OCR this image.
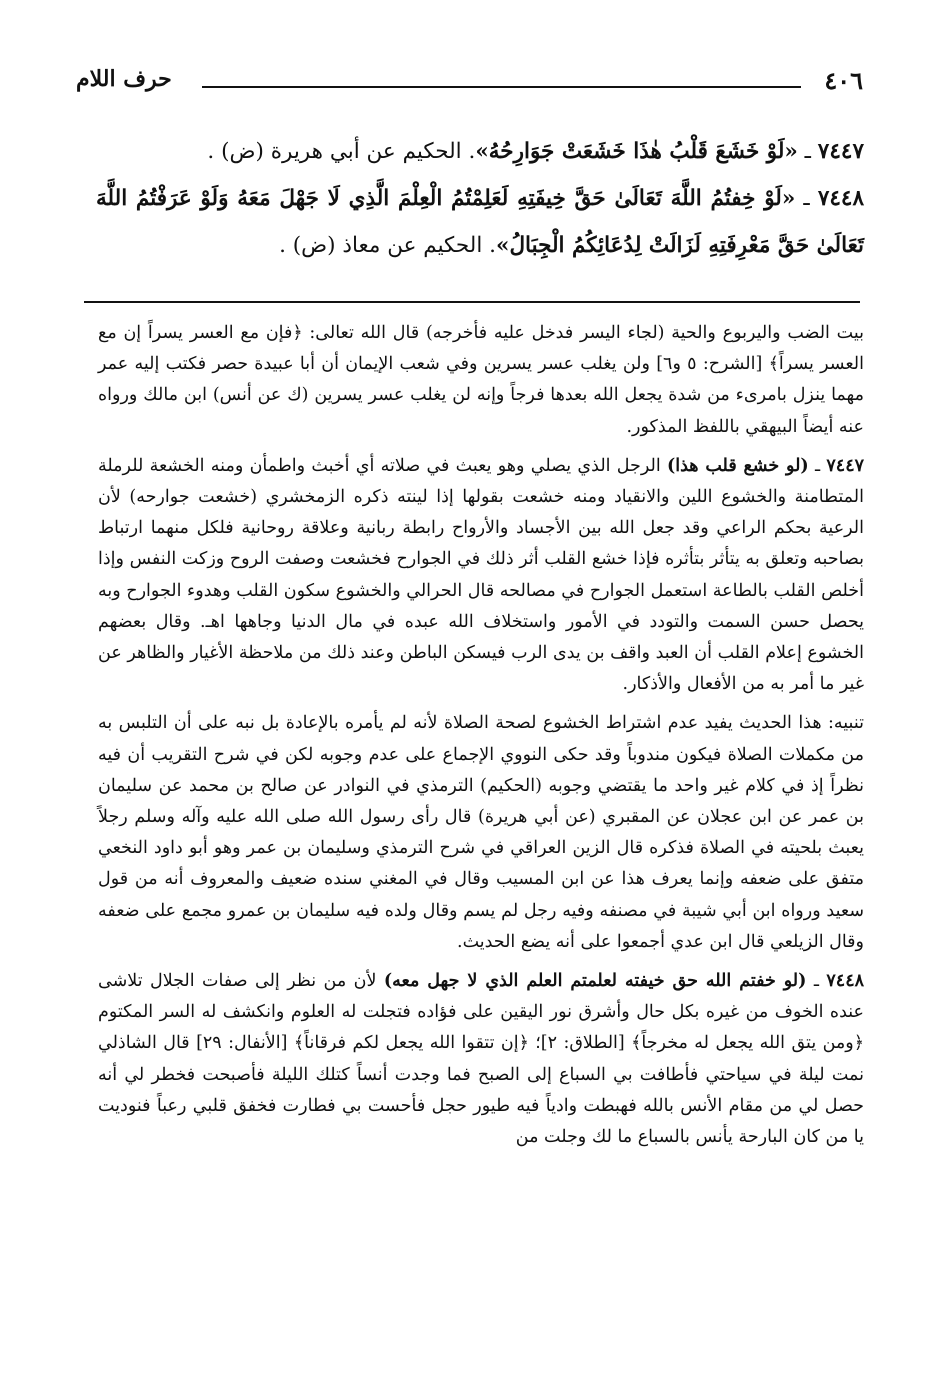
٤٠٦
حرف اللام

٧٤٤٧ ـ «لَوْ خَشَعَ قَلْبُ هٰذَا خَشَعَتْ جَوَارِحُهُ». الحكيم عن أبي هريرة (ض) .

٧٤٤٨ ـ «لَوْ خِفتُمُ اللَّهَ تَعَالَىٰ حَقَّ خِيفَتِهِ لَعَلِمْتُمُ الْعِلْمَ الَّذِي لَا جَهْلَ مَعَهُ وَلَوْ عَرَفْتُمُ اللَّهَ تَعَالَىٰ حَقَّ مَعْرِفَتِهِ لَزَالَتْ لِدُعَائِكُمُ الْجِبَالُ». الحكيم عن معاذ (ض) .

بيت الضب واليربوع والحية (لجاء اليسر فدخل عليه فأخرجه) قال الله تعالى: ﴿فإن مع العسر يسراً إن مع العسر يسراً﴾ [الشرح: ٥ و٦] ولن يغلب عسر يسرين وفي شعب الإيمان أن أبا عبيدة حصر فكتب إليه عمر مهما ينزل بامرىء من شدة يجعل الله بعدها فرجاً وإنه لن يغلب عسر يسرين (ك عن أنس) ابن مالك ورواه عنه أيضاً البيهقي باللفظ المذكور.

٧٤٤٧ ـ (لو خشع قلب هذا) الرجل الذي يصلي وهو يعبث في صلاته أي أخبث واطمأن ومنه الخشعة للرملة المتطامنة والخشوع اللين والانقياد ومنه خشعت بقولها إذا لينته ذكره الزمخشري (خشعت جوارحه) لأن الرعية بحكم الراعي وقد جعل الله بين الأجساد والأرواح رابطة ربانية وعلاقة روحانية فلكل منهما ارتباط بصاحبه وتعلق به يتأثر بتأثره فإذا خشع القلب أثر ذلك في الجوارح فخشعت وصفت الروح وزكت النفس وإذا أخلص القلب بالطاعة استعمل الجوارح في مصالحه قال الحرالي والخشوع سكون القلب وهدوء الجوارح وبه يحصل حسن السمت والتودد في الأمور واستخلاف الله عبده في مال الدنيا وجاهها اهـ. وقال بعضهم الخشوع إعلام القلب أن العبد واقف بن يدى الرب فيسكن الباطن وعند ذلك من ملاحظة الأغيار والظاهر عن غير ما أمر به من الأفعال والأذكار.

تنبيه: هذا الحديث يفيد عدم اشتراط الخشوع لصحة الصلاة لأنه لم يأمره بالإعادة بل نبه على أن التلبس به من مكملات الصلاة فيكون مندوباً وقد حكى النووي الإجماع على عدم وجوبه لكن في شرح التقريب أن فيه نظراً إذ في كلام غير واحد ما يقتضي وجوبه (الحكيم) الترمذي في النوادر عن صالح بن محمد عن سليمان بن عمر عن ابن عجلان عن المقبري (عن أبي هريرة) قال رأى رسول الله صلى الله عليه وآله وسلم رجلاً يعبث بلحيته في الصلاة فذكره قال الزين العراقي في شرح الترمذي وسليمان بن عمر وهو أبو داود النخعي متفق على ضعفه وإنما يعرف هذا عن ابن المسيب وقال في المغني سنده ضعيف والمعروف أنه من قول سعيد ورواه ابن أبي شيبة في مصنفه وفيه رجل لم يسم وقال ولده فيه سليمان بن عمرو مجمع على ضعفه وقال الزيلعي قال ابن عدي أجمعوا على أنه يضع الحديث.

٧٤٤٨ ـ (لو خفتم الله حق خيفته لعلمتم العلم الذي لا جهل معه) لأن من نظر إلى صفات الجلال تلاشى عنده الخوف من غيره بكل حال وأشرق نور اليقين على فؤاده فتجلت له العلوم وانكشف له السر المكتوم ﴿ومن يتق الله يجعل له مخرجاً﴾ [الطلاق: ٢]؛ ﴿إن تتقوا الله يجعل لكم فرقاناً﴾ [الأنفال: ٢٩] قال الشاذلي نمت ليلة في سياحتي فأطافت بي السباع إلى الصبح فما وجدت أنساً كتلك الليلة فأصبحت فخطر لي أنه حصل لي من مقام الأنس بالله فهبطت وادياً فيه طيور حجل فأحست بي فطارت فخفق قلبي رعباً فنوديت يا من كان البارحة يأنس بالسباع ما لك وجلت من
